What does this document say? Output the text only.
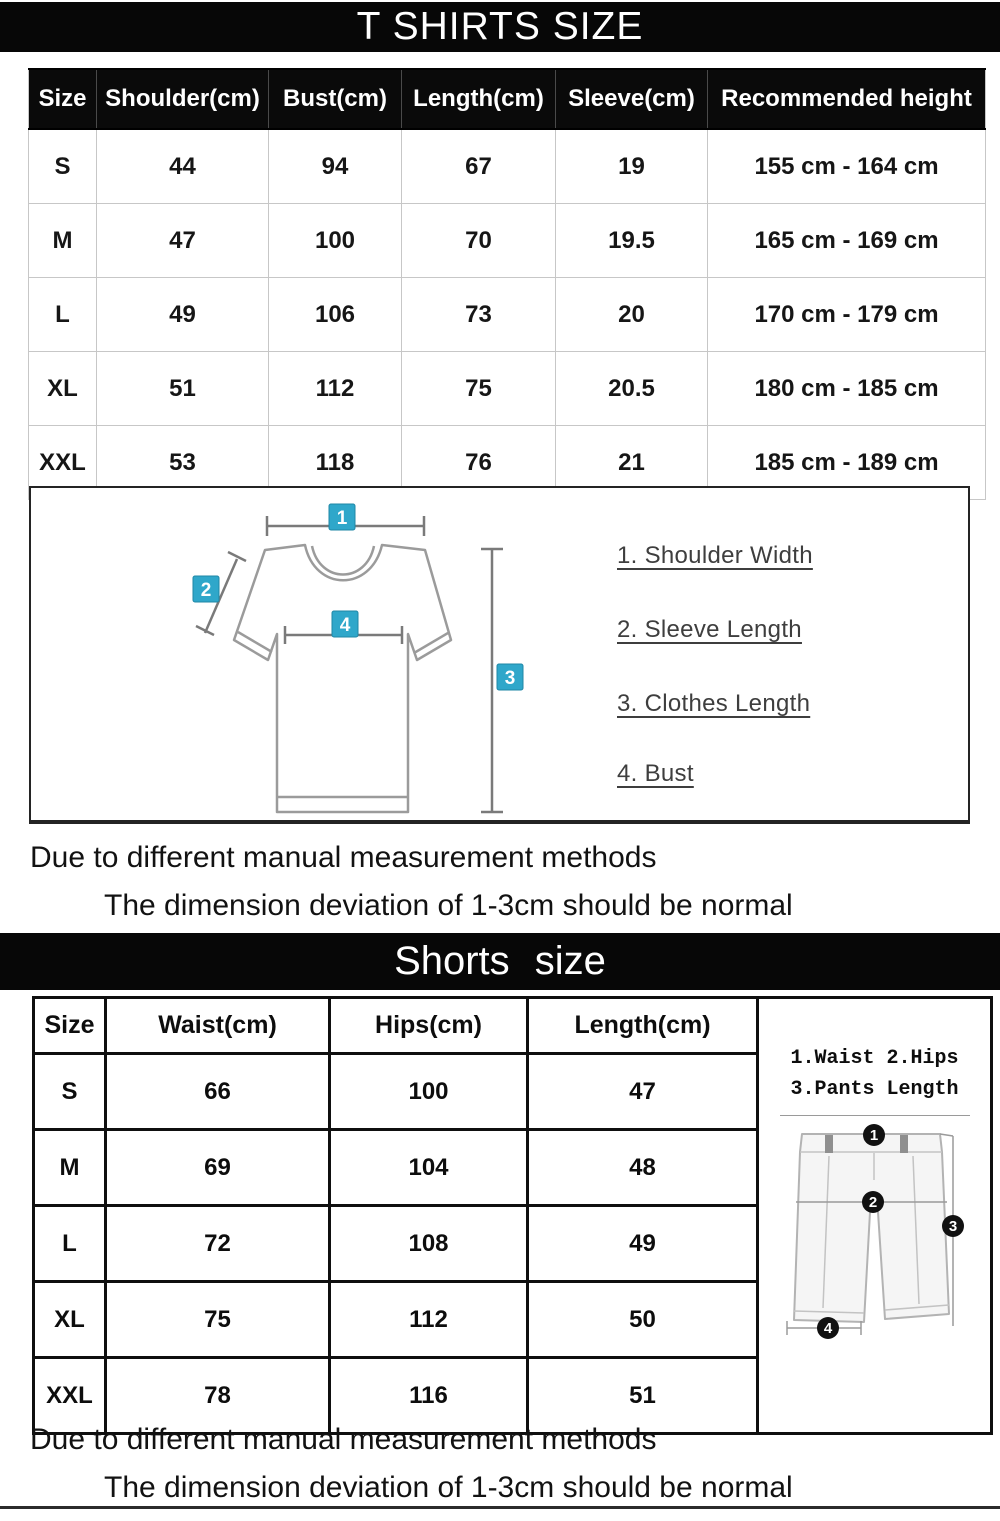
T SHIRTS SIZE
Size	Shoulder(cm)	Bust(cm)	Length(cm)	Sleeve(cm)	Recommended height
S	44	94	67	19	155 cm - 164 cm
M	47	100	70	19.5	165 cm - 169 cm
L	49	106	73	20	170 cm - 179 cm
XL	51	112	75	20.5	180 cm - 185 cm
XXL	53	118	76	21	185 cm - 189 cm
1
2
3
4
1. Shoulder Width
2. Sleeve Length
3. Clothes Length
4. Bust
Due to different manual measurement methods
The dimension deviation of 1-3cm should be normal
Shorts size
Size	Waist(cm)	Hips(cm)	Length(cm)	
1.Waist 2.Hips
3.Pants Length
1
2
3
4

S	66	100	47	
M	69	104	48	
L	72	108	49	
XL	75	112	50	
XXL	78	116	51	
Due to different manual measurement methods
The dimension deviation of 1-3cm should be normal
